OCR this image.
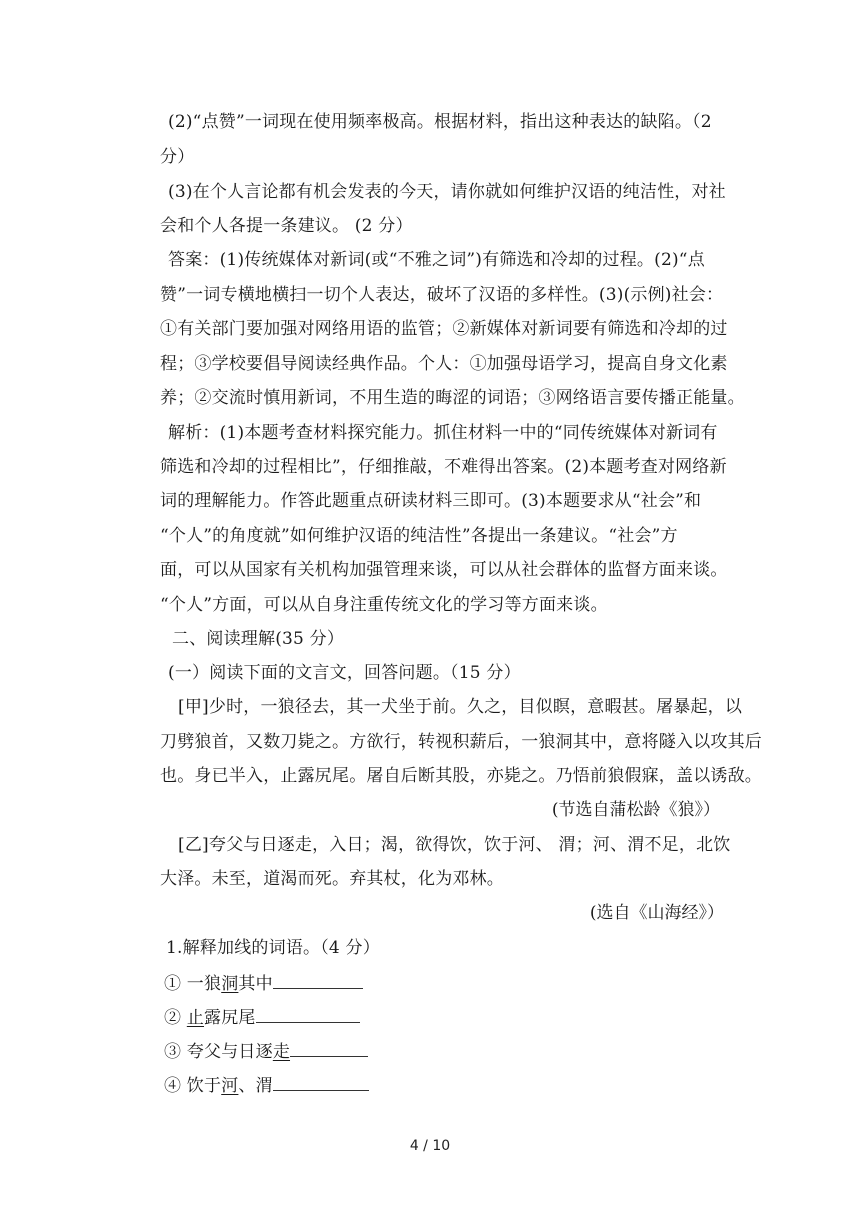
(2)“点赞”一词现在使用频率极高。根据材料，指出这种表达的缺陷。（2
分）
(3)在个人言论都有机会发表的今天，请你就如何维护汉语的纯洁性，对社
会和个人各提一条建议。 (2 分）
答案：(1)传统媒体对新词(或“不雅之词”)有筛选和冷却的过程。(2)“点
赞”一词专横地横扫一切个人表达，破坏了汉语的多样性。(3)(示例)社会：
①有关部门要加强对网络用语的监管；②新媒体对新词要有筛选和冷却的过
程；③学校要倡导阅读经典作品。个人：①加强母语学习，提高自身文化素
养；②交流时慎用新词，不用生造的晦涩的词语；③网络语言要传播正能量。
解析：(1)本题考查材料探究能力。抓住材料一中的“同传统媒体对新词有
筛选和冷却的过程相比”，仔细推敲，不难得出答案。(2)本题考查对网络新
词的理解能力。作答此题重点研读材料三即可。(3)本题要求从“社会”和
“个人”的角度就”如何维护汉语的纯洁性”各提出一条建议。“社会”方
面，可以从国家有关机构加强管理来谈，可以从社会群体的监督方面来谈。
“个人”方面，可以从自身注重传统文化的学习等方面来谈。
二、阅读理解(35 分）
(一）阅读下面的文言文，回答问题。（15 分）
[甲]少时，一狼径去，其一犬坐于前。久之，目似瞑，意暇甚。屠暴起，以
刀劈狼首，又数刀毙之。方欲行，转视积薪后，一狼洞其中，意将隧入以攻其后
也。身已半入，止露尻尾。屠自后断其股，亦毙之。乃悟前狼假寐，盖以诱敌。
(节选自蒲松龄《狼》）
[乙]夸父与日逐走，入日；渴，欲得饮，饮于河、 渭；河、渭不足，北饮
大泽。未至，道渴而死。弃其杖，化为邓林。
(选自《山海经》）
1.解释加线的词语。（4 分）
① 一狼洞其中
② 止露尻尾
③ 夸父与日逐走
④ 饮于河、渭
4 / 10
